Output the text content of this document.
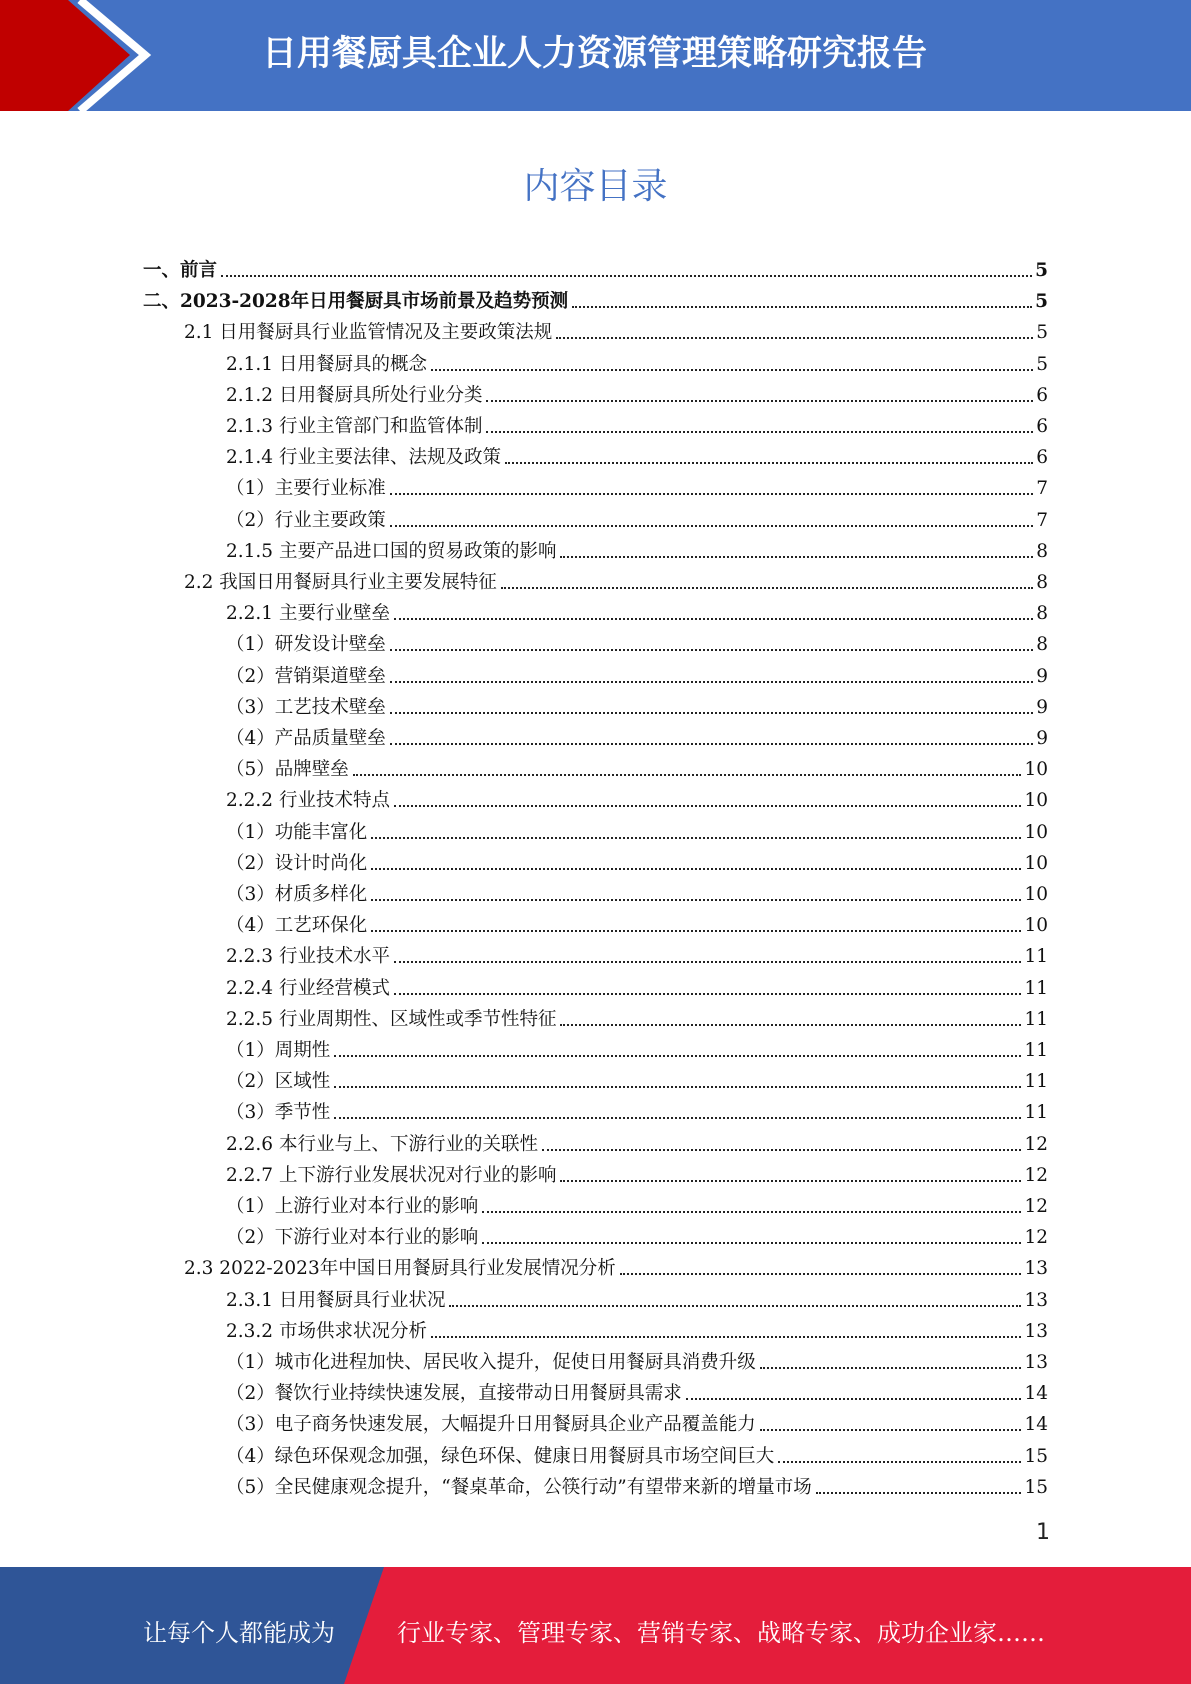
日用餐厨具企业人力资源管理策略研究报告
内容目录
一、前言	5
二、2023-2028年日用餐厨具市场前景及趋势预测	5
2.1 日用餐厨具行业监管情况及主要政策法规	5
2.1.1 日用餐厨具的概念	5
2.1.2 日用餐厨具所处行业分类	6
2.1.3 行业主管部门和监管体制	6
2.1.4 行业主要法律、法规及政策	6
（1）主要行业标准	7
（2）行业主要政策	7
2.1.5 主要产品进口国的贸易政策的影响	8
2.2 我国日用餐厨具行业主要发展特征	8
2.2.1 主要行业壁垒	8
（1）研发设计壁垒	8
（2）营销渠道壁垒	9
（3）工艺技术壁垒	9
（4）产品质量壁垒	9
（5）品牌壁垒	10
2.2.2 行业技术特点	10
（1）功能丰富化	10
（2）设计时尚化	10
（3）材质多样化	10
（4）工艺环保化	10
2.2.3 行业技术水平	11
2.2.4 行业经营模式	11
2.2.5 行业周期性、区域性或季节性特征	11
（1）周期性	11
（2）区域性	11
（3）季节性	11
2.2.6 本行业与上、下游行业的关联性	12
2.2.7 上下游行业发展状况对行业的影响	12
（1）上游行业对本行业的影响	12
（2）下游行业对本行业的影响	12
2.3 2022-2023年中国日用餐厨具行业发展情况分析	13
2.3.1 日用餐厨具行业状况	13
2.3.2 市场供求状况分析	13
（1）城市化进程加快、居民收入提升，促使日用餐厨具消费升级	13
（2）餐饮行业持续快速发展，直接带动日用餐厨具需求	14
（3）电子商务快速发展，大幅提升日用餐厨具企业产品覆盖能力	14
（4）绿色环保观念加强，绿色环保、健康日用餐厨具市场空间巨大	15
（5）全民健康观念提升，“餐桌革命，公筷行动”有望带来新的增量市场	15
1
让每个人都能成为	行业专家、管理专家、营销专家、战略专家、成功企业家……
